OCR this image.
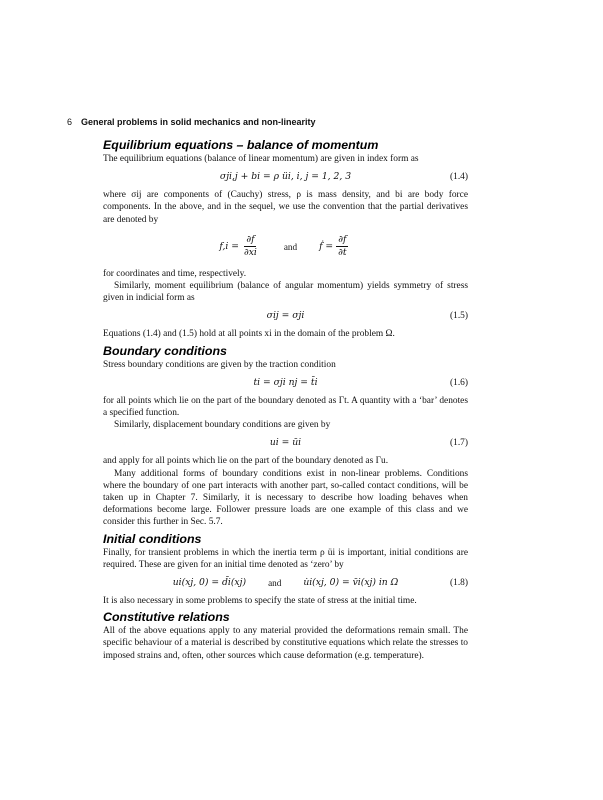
6 General problems in solid mechanics and non-linearity
Equilibrium equations – balance of momentum

The equilibrium equations (balance of linear momentum) are given in index form as

σji,j + bi = ρ üi, i, j = 1, 2, 3	(1.4)

where σij are components of (Cauchy) stress, ρ is mass density, and bi are body force components. In the above, and in the sequel, we use the convention that the partial derivatives are denoted by

$f,i = \frac{\partial f}{\partial xi}$	and ḟ = $\frac{\partial f}{\partial t}$

for coordinates and time, respectively.

Similarly, moment equilibrium (balance of angular momentum) yields symmetry of stress given in indicial form as

σij = σji	(1.5)

Equations (1.4) and (1.5) hold at all points xi in the domain of the problem Ω.

Boundary conditions

Stress boundary conditions are given by the traction condition

ti = σji nj = t̄i	(1.6)

for all points which lie on the part of the boundary denoted as Γt. A quantity with a ‘bar’ denotes a specified function.

Similarly, displacement boundary conditions are given by

ui = ūi	(1.7)

and apply for all points which lie on the part of the boundary denoted as Γu.

Many additional forms of boundary conditions exist in non-linear problems. Conditions where the boundary of one part interacts with another part, so-called contact conditions, will be taken up in Chapter 7. Similarly, it is necessary to describe how loading behaves when deformations become large. Follower pressure loads are one example of this class and we consider this further in Sec. 5.7.

Initial conditions

Finally, for transient problems in which the inertia term ρ üi is important, initial conditions are required. These are given for an initial time denoted as ‘zero’ by

ui(xj, 0) = d̄i(xj) and u̇i(xj, 0) = v̄i(xj) in Ω	(1.8)

It is also necessary in some problems to specify the state of stress at the initial time.

Constitutive relations

All of the above equations apply to any material provided the deformations remain small. The specific behaviour of a material is described by constitutive equations which relate the stresses to imposed strains and, often, other sources which cause deformation (e.g. temperature).
